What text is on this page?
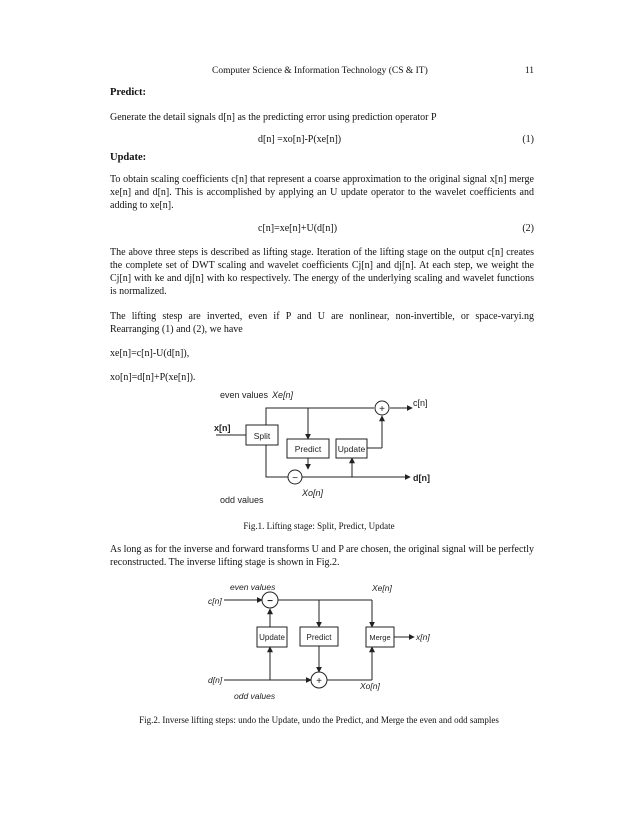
Computer Science & Information Technology (CS & IT)	11
Predict:
Generate the detail signals d[n] as the predicting error using prediction operator P
d[n] =xo[n]-P(xe[n])	(1)
Update:
To obtain scaling coefficients c[n] that represent a coarse approximation to the original signal x[n] merge xe[n] and d[n]. This is accomplished by applying an U update operator to the wavelet coefficients and adding to xe[n].
c[n]=xe[n]+U(d[n])	(2)
The above three steps is described as lifting stage. Iteration of the lifting stage on the output c[n] creates the complete set of DWT scaling and wavelet coefficients Cj[n] and dj[n]. At each step, we weight the Cj[n] with ke and dj[n] with ko respectively. The energy of the underlying scaling and wavelet functions is normalized.
The lifting stesp are inverted, even if P and U are nonlinear, non-invertible, or space-varyi.ng Rearranging (1) and (2), we have
xe[n]=c[n]-U(d[n]),
xo[n]=d[n]+P(xe[n]).
even values Xe[n]
x[n]
Split
Predict Update
c[n]
d[n]
+
−
odd values
Xo[n]
Fig.1. Lifting stage: Split, Predict, Update
As long as for the inverse and forward transforms U and P are chosen, the original signal will be perfectly reconstructed. The inverse lifting stage is shown in Fig.2.
even values
c[n]
Xe[n]
Update	Predict	Merge	x[n]
−
+
d[n]
Xo[n]
odd values
Fig.2. Inverse lifting steps: undo the Update, undo the Predict, and Merge the even and odd samples
